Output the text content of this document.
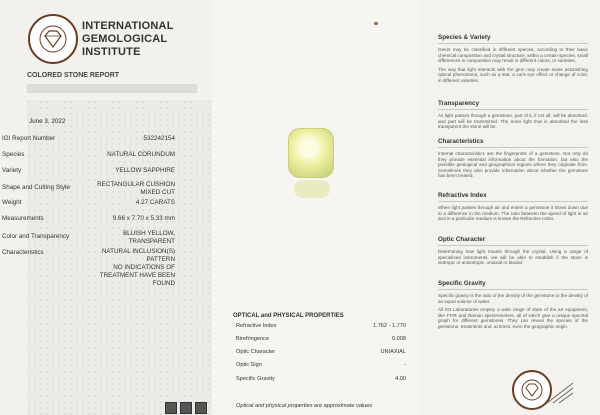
INTERNATIONAL
GEMOLOGICAL
INSTITUTE
COLORED STONE REPORT
June 3, 2022
IGI Report Number	532242154
Species	NATURAL CORUNDUM
Variety	YELLOW SAPPHIRE
Shape and Cutting Style	RECTANGULAR CUSHION
MIXED CUT
Weight	4.27 CARATS
Measurements	9.66 x 7.70 x 5.33 mm
Color and Transparency	BLUISH YELLOW,
TRANSPARENT
Characteristics	NATURAL INCLUSION(S)
PATTERN
NO INDICATIONS OF
TREATMENT HAVE BEEN
FOUND
OPTICAL and PHYSICAL PROPERTIES
Refractive Index	1.762 - 1.770
Birefringence	0.008
Optic Character	UNIAXIAL
Optic Sign	-
Specific Gravity	4.00
Optical and physical properties are approximate values
Species & Variety

Gems may be classified in different species, according to their basic chemical composition and crystal structure; within a certain species, small differences in composition may result in different colors, or varieties.

The way that light interacts with the gem may create some astonishing optical phenomena, such as a star, a cat's eye effect or change of color, in different varieties.

Transparency

As light passes through a gemstone, part of it, if not all, will be absorbed, and part will be transmitted. The more light that is absorbed the less transparent the stone will be.

Characteristics

Internal characteristics are the fingerprints of a gemstone. Not only do they provide essential information about the formation, but also the possible geological and geographical regions where they originate from. Sometimes they also provide information about whether the gemstone has been treated.

Refractive Index

When light passes through air and enters a gemstone it slows down due to a difference in the medium. The ratio between the speed of light in air and in a particular medium is known the Refractive Index.

Optic Character

Determining how light travels through the crystal. Using a range of specialized instruments, we will be able to establish if the stone is isotropic or anisotropic, uniaxial or biaxial.

Specific Gravity

Specific gravity is the ratio of the density of the gemstone to the density of an equal volume of water.

All IGI Laboratories employ a wide range of state of the art equipment, like FTIR and Raman spectrometers, all of which give a unique spectral graph for different gemstones. They can reveal the species of the gemstone, treatments and, at times, even the geographic origin.
